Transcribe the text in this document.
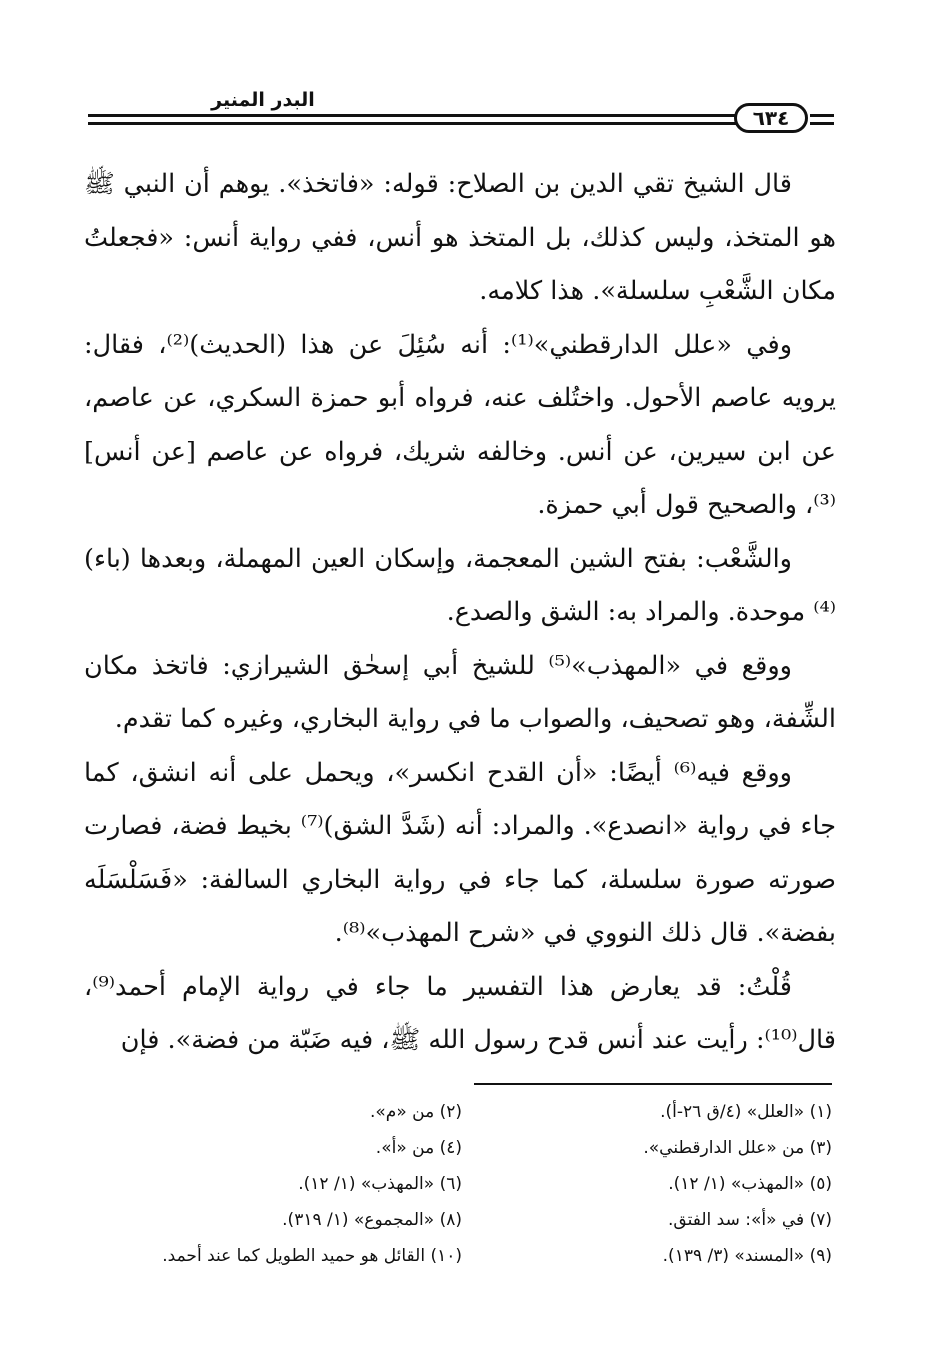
البدر المنير
٦٣٤

قال الشيخ تقي الدين بن الصلاح: قوله: «فاتخذ». يوهم أن النبي ﷺ هو المتخذ، وليس كذلك، بل المتخذ هو أنس، ففي رواية أنس: «فجعلتُ مكان الشَّعْبِ سلسلة». هذا كلامه.

وفي «علل الدارقطني»⁽¹⁾: أنه سُئِلَ عن هذا (الحديث)⁽²⁾، فقال: يرويه عاصم الأحول. واختُلف عنه، فرواه أبو حمزة السكري، عن عاصم، عن ابن سيرين، عن أنس. وخالفه شريك، فرواه عن عاصم [عن أنس]⁽³⁾، والصحيح قول أبي حمزة.

والشَّعْب: بفتح الشين المعجمة، وإسكان العين المهملة، وبعدها (باء)⁽⁴⁾ موحدة. والمراد به: الشق والصدع.

ووقع في «المهذب»⁽⁵⁾ للشيخ أبي إسحٰق الشيرازي: فاتخذ مكان الشِّفة، وهو تصحيف، والصواب ما في رواية البخاري، وغيره كما تقدم.

ووقع فيه⁽⁶⁾ أيضًا: «أن القدح انكسر»، ويحمل على أنه انشق، كما جاء في رواية «انصدع». والمراد: أنه (شَدَّ الشق)⁽⁷⁾ بخيط فضة، فصارت صورته صورة سلسلة، كما جاء في رواية البخاري السالفة: «فَسَلْسَلَه بفضة». قال ذلك النووي في «شرح المهذب»⁽⁸⁾.

قُلْتُ: قد يعارض هذا التفسير ما جاء في رواية الإمام أحمد⁽⁹⁾، قال⁽¹⁰⁾: رأيت عند أنس قدح رسول الله ﷺ، فيه ضَبّة من فضة». فإن

(١) «العلل» (٤/ق ٢٦-أ).
(٢) من «م».
(٣) من «علل الدارقطني».
(٤) من «أ».
(٥) «المهذب» (١/ ١٢).
(٦) «المهذب» (١/ ١٢).
(٧) في «أ»: سد الفتق.
(٨) «المجموع» (١/ ٣١٩).
(٩) «المسند» (٣/ ١٣٩).
(١٠) القائل هو حميد الطويل كما عند أحمد.
